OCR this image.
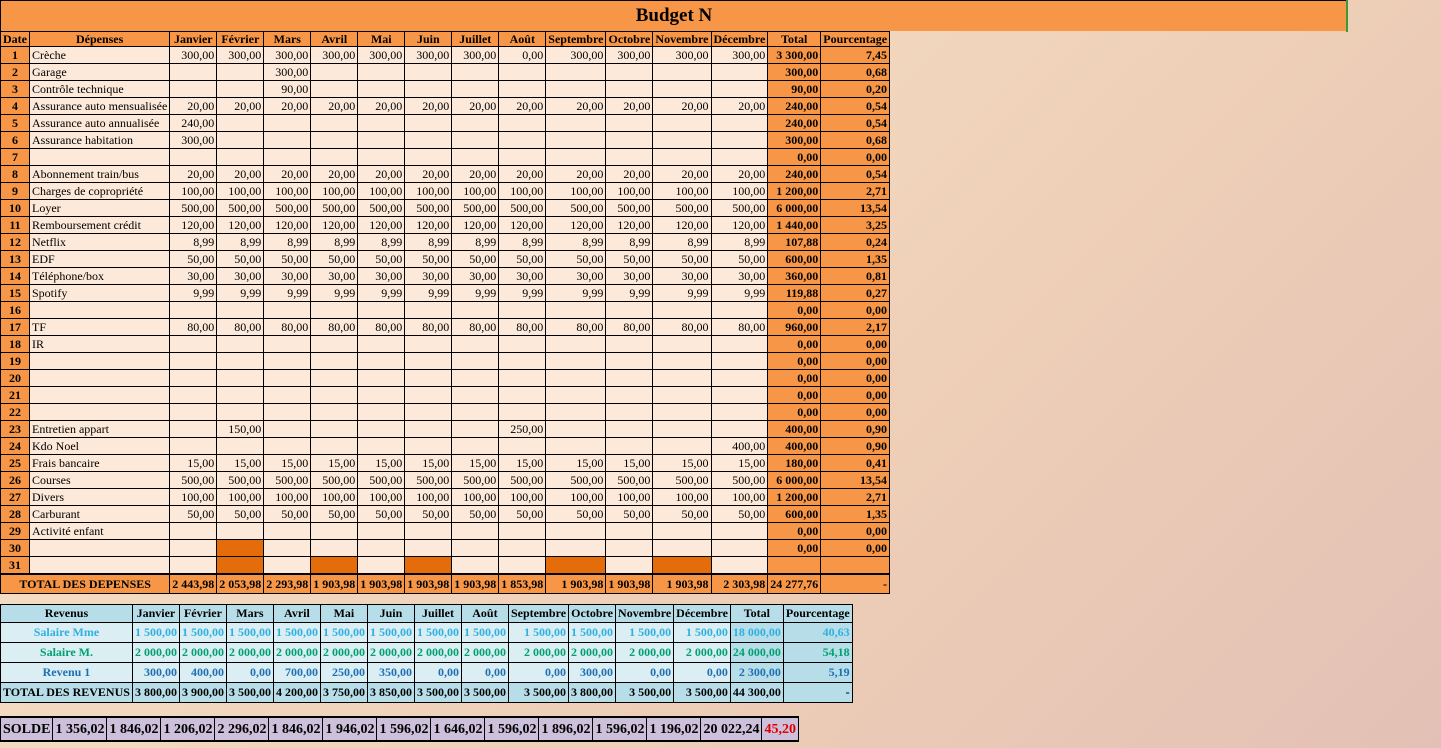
Budget N
Date	Dépenses	Janvier	Février	Mars	Avril	Mai	Juin	Juillet	Août	Septembre	Octobre	Novembre	Décembre	Total	Pourcentage
1	Crèche	300,00	300,00	300,00	300,00	300,00	300,00	300,00	0,00	300,00	300,00	300,00	300,00	3 300,00	7,45
2	Garage			300,00										300,00	0,68
3	Contrôle technique			90,00										90,00	0,20
4	Assurance auto mensualisée	20,00	20,00	20,00	20,00	20,00	20,00	20,00	20,00	20,00	20,00	20,00	20,00	240,00	0,54
5	Assurance auto annualisée	240,00												240,00	0,54
6	Assurance habitation	300,00												300,00	0,68
7														0,00	0,00
8	Abonnement train/bus	20,00	20,00	20,00	20,00	20,00	20,00	20,00	20,00	20,00	20,00	20,00	20,00	240,00	0,54
9	Charges de copropriété	100,00	100,00	100,00	100,00	100,00	100,00	100,00	100,00	100,00	100,00	100,00	100,00	1 200,00	2,71
10	Loyer	500,00	500,00	500,00	500,00	500,00	500,00	500,00	500,00	500,00	500,00	500,00	500,00	6 000,00	13,54
11	Remboursement crédit	120,00	120,00	120,00	120,00	120,00	120,00	120,00	120,00	120,00	120,00	120,00	120,00	1 440,00	3,25
12	Netflix	8,99	8,99	8,99	8,99	8,99	8,99	8,99	8,99	8,99	8,99	8,99	8,99	107,88	0,24
13	EDF	50,00	50,00	50,00	50,00	50,00	50,00	50,00	50,00	50,00	50,00	50,00	50,00	600,00	1,35
14	Téléphone/box	30,00	30,00	30,00	30,00	30,00	30,00	30,00	30,00	30,00	30,00	30,00	30,00	360,00	0,81
15	Spotify	9,99	9,99	9,99	9,99	9,99	9,99	9,99	9,99	9,99	9,99	9,99	9,99	119,88	0,27
16														0,00	0,00
17	TF	80,00	80,00	80,00	80,00	80,00	80,00	80,00	80,00	80,00	80,00	80,00	80,00	960,00	2,17
18	IR													0,00	0,00
19														0,00	0,00
20														0,00	0,00
21														0,00	0,00
22														0,00	0,00
23	Entretien appart		150,00						250,00					400,00	0,90
24	Kdo Noel												400,00	400,00	0,90
25	Frais bancaire	15,00	15,00	15,00	15,00	15,00	15,00	15,00	15,00	15,00	15,00	15,00	15,00	180,00	0,41
26	Courses	500,00	500,00	500,00	500,00	500,00	500,00	500,00	500,00	500,00	500,00	500,00	500,00	6 000,00	13,54
27	Divers	100,00	100,00	100,00	100,00	100,00	100,00	100,00	100,00	100,00	100,00	100,00	100,00	1 200,00	2,71
28	Carburant	50,00	50,00	50,00	50,00	50,00	50,00	50,00	50,00	50,00	50,00	50,00	50,00	600,00	1,35
29	Activité enfant													0,00	0,00
30														0,00	0,00
31															
TOTAL DES DEPENSES		2 443,98	2 053,98	2 293,98	1 903,98	1 903,98	1 903,98	1 903,98	1 853,98	1 903,98	1 903,98	1 903,98	2 303,98	24 277,76	-
Revenus	Janvier	Février	Mars	Avril	Mai	Juin	Juillet	Août	Septembre	Octobre	Novembre	Décembre	Total	Pourcentage
Salaire Mme	1 500,00	1 500,00	1 500,00	1 500,00	1 500,00	1 500,00	1 500,00	1 500,00	1 500,00	1 500,00	1 500,00	1 500,00	18 000,00	40,63
Salaire M.	2 000,00	2 000,00	2 000,00	2 000,00	2 000,00	2 000,00	2 000,00	2 000,00	2 000,00	2 000,00	2 000,00	2 000,00	24 000,00	54,18
Revenu 1	300,00	400,00	0,00	700,00	250,00	350,00	0,00	0,00	0,00	300,00	0,00	0,00	2 300,00	5,19
TOTAL DES REVENUS	3 800,00	3 900,00	3 500,00	4 200,00	3 750,00	3 850,00	3 500,00	3 500,00	3 500,00	3 800,00	3 500,00	3 500,00	44 300,00	-
SOLDE	1 356,02	1 846,02	1 206,02	2 296,02	1 846,02	1 946,02	1 596,02	1 646,02	1 596,02	1 896,02	1 596,02	1 196,02	20 022,24	45,20
